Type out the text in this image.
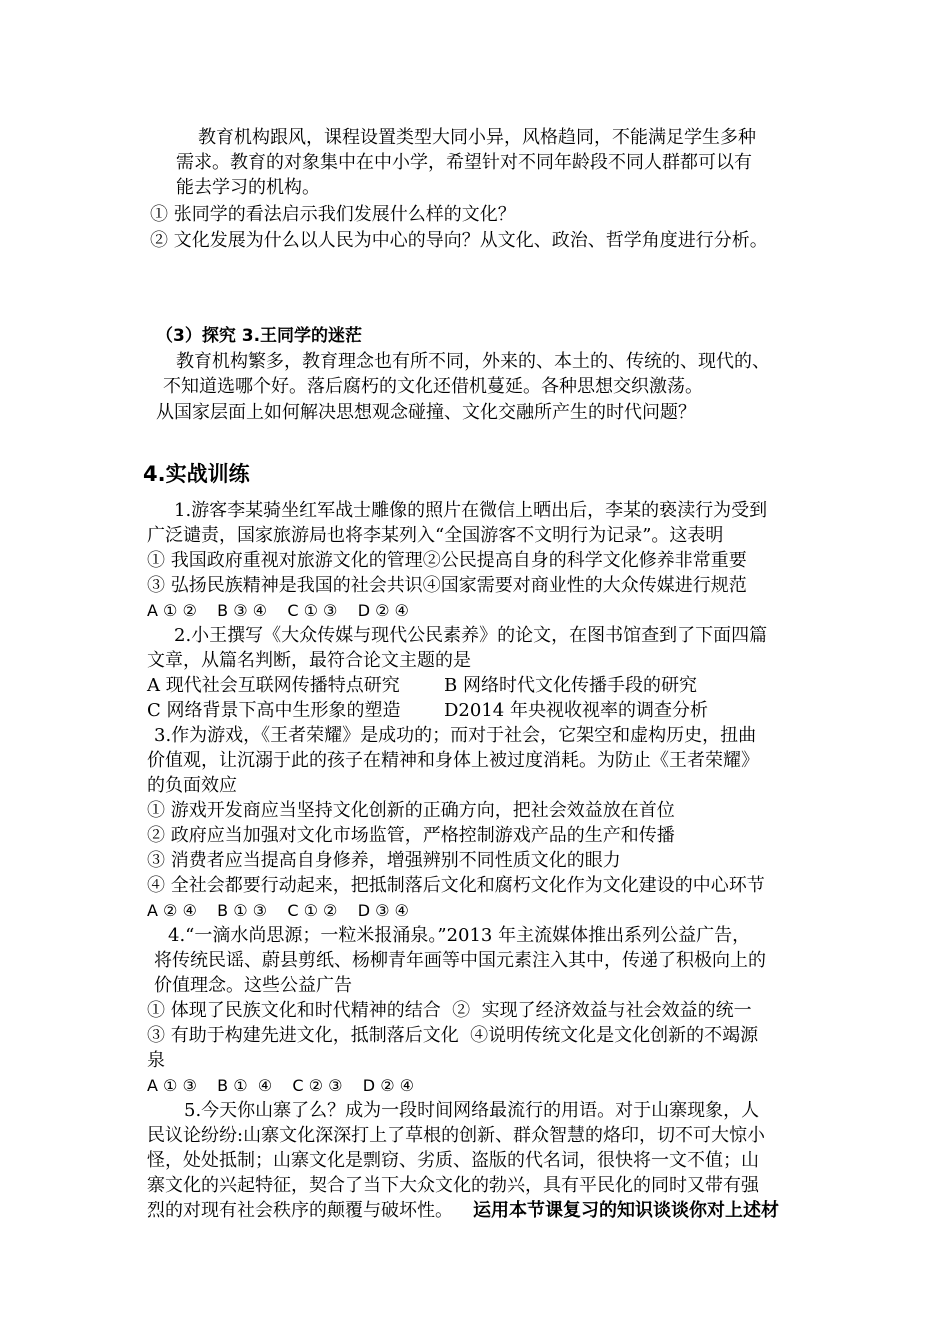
教育机构跟风，课程设置类型大同小异，风格趋同，不能满足学生多种
需求。教育的对象集中在中小学，希望针对不同年龄段不同人群都可以有
能去学习的机构。
① 张同学的看法启示我们发展什么样的文化？
② 文化发展为什么以人民为中心的导向？从文化、政治、哲学角度进行分析。
（3）探究 3.王同学的迷茫
教育机构繁多，教育理念也有所不同，外来的、本土的、传统的、现代的、
不知道选哪个好。落后腐朽的文化还借机蔓延。各种思想交织激荡。
从国家层面上如何解决思想观念碰撞、文化交融所产生的时代问题？
4.实战训练
1.游客李某骑坐红军战士雕像的照片在微信上晒出后，李某的亵渎行为受到
广泛谴责，国家旅游局也将李某列入“全国游客不文明行为记录”。这表明
① 我国政府重视对旅游文化的管理②公民提高自身的科学文化修养非常重要
③ 弘扬民族精神是我国的社会共识④国家需要对商业性的大众传媒进行规范
A ① ②    B ③ ④    C ① ③    D ② ④
2.小王撰写《大众传媒与现代公民素养》的论文，在图书馆查到了下面四篇
文章，从篇名判断，最符合论文主题的是
A 现代社会互联网传播特点研究 B 网络时代文化传播手段的研究
C 网络背景下高中生形象的塑造 D2014 年央视收视率的调查分析
3.作为游戏，《王者荣耀》是成功的；而对于社会，它架空和虚构历史，扭曲
价值观，让沉溺于此的孩子在精神和身体上被过度消耗。为防止《王者荣耀》
的负面效应
① 游戏开发商应当坚持文化创新的正确方向，把社会效益放在首位
② 政府应当加强对文化市场监管，严格控制游戏产品的生产和传播
③ 消费者应当提高自身修养，增强辨别不同性质文化的眼力
④ 全社会都要行动起来，把抵制落后文化和腐朽文化作为文化建设的中心环节
A ② ④    B ① ③    C ① ②    D ③ ④
4.“一滴水尚思源；一粒米报涌泉。”2013 年主流媒体推出系列公益广告，
将传统民谣、蔚县剪纸、杨柳青年画等中国元素注入其中，传递了积极向上的
价值理念。这些公益广告
① 体现了民族文化和时代精神的结合  ②  实现了经济效益与社会效益的统一
③ 有助于构建先进文化，抵制落后文化  ④说明传统文化是文化创新的不竭源
泉
A ① ③    B ①  ④    C ② ③    D ② ④
5.今天你山寨了么？成为一段时间网络最流行的用语。对于山寨现象，人
民议论纷纷:山寨文化深深打上了草根的创新、群众智慧的烙印，切不可大惊小
怪，处处抵制；山寨文化是剽窃、劣质、盗版的代名词，很快将一文不值；山
寨文化的兴起特征，契合了当下大众文化的勃兴，具有平民化的同时又带有强
烈的对现有社会秩序的颠覆与破坏性。 运用本节课复习的知识谈谈你对上述材
